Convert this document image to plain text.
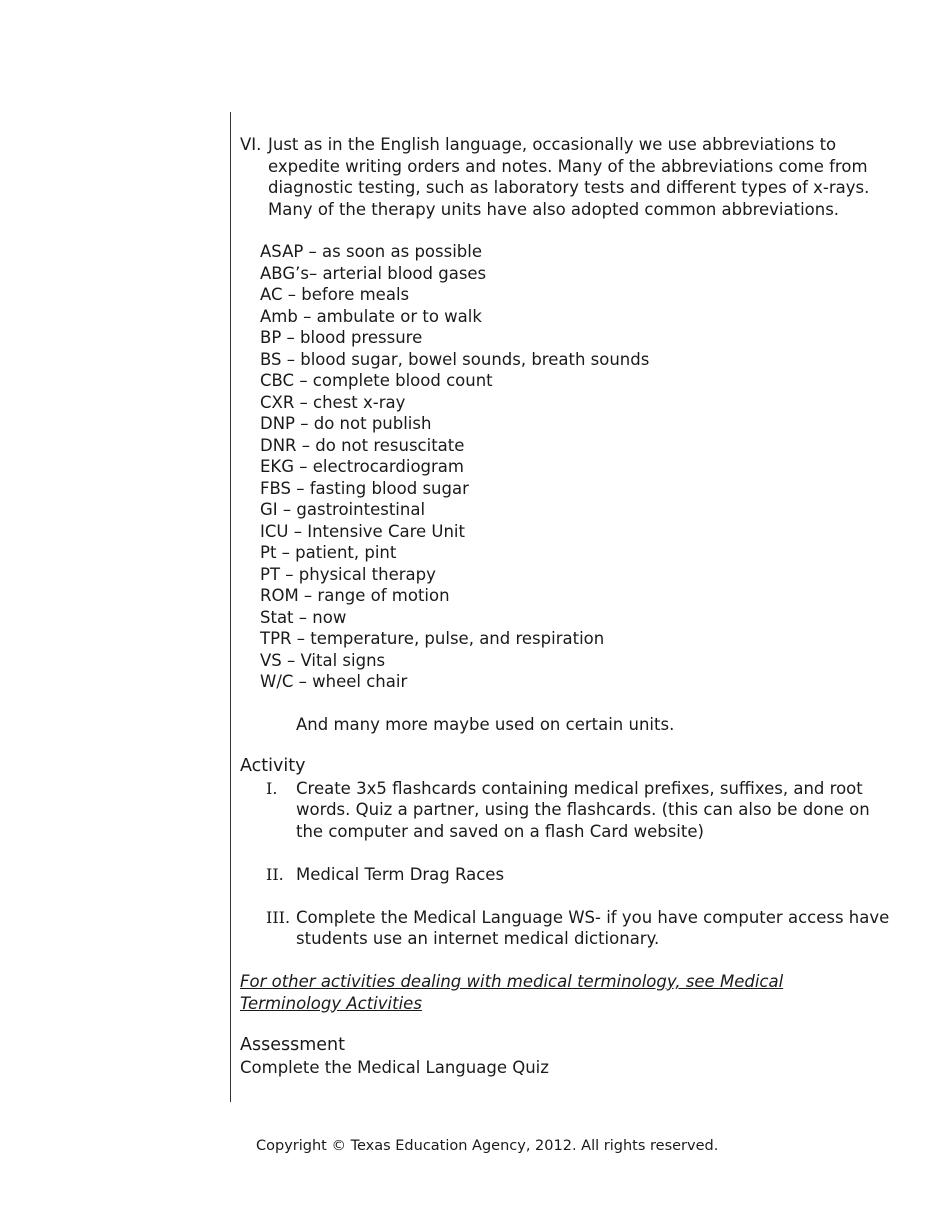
VI. Just as in the English language, occasionally we use abbreviations to expedite writing orders and notes. Many of the abbreviations come from diagnostic testing, such as laboratory tests and different types of x-rays. Many of the therapy units have also adopted common abbreviations.
ASAP – as soon as possible
ABG’s– arterial blood gases
AC – before meals
Amb – ambulate or to walk
BP – blood pressure
BS – blood sugar, bowel sounds, breath sounds
CBC – complete blood count
CXR – chest x-ray
DNP – do not publish
DNR – do not resuscitate
EKG – electrocardiogram
FBS – fasting blood sugar
GI – gastrointestinal
ICU – Intensive Care Unit
Pt – patient, pint
PT – physical therapy
ROM – range of motion
Stat – now
TPR – temperature, pulse, and respiration
VS – Vital signs
W/C – wheel chair
And many more maybe used on certain units.
Activity
I. Create 3x5 flashcards containing medical prefixes, suffixes, and root words. Quiz a partner, using the flashcards. (this can also be done on the computer and saved on a flash Card website)
II. Medical Term Drag Races
III. Complete the Medical Language WS- if you have computer access have students use an internet medical dictionary.
For other activities dealing with medical terminology, see Medical Terminology Activities
Assessment
Complete the Medical Language Quiz
Copyright © Texas Education Agency, 2012. All rights reserved.
